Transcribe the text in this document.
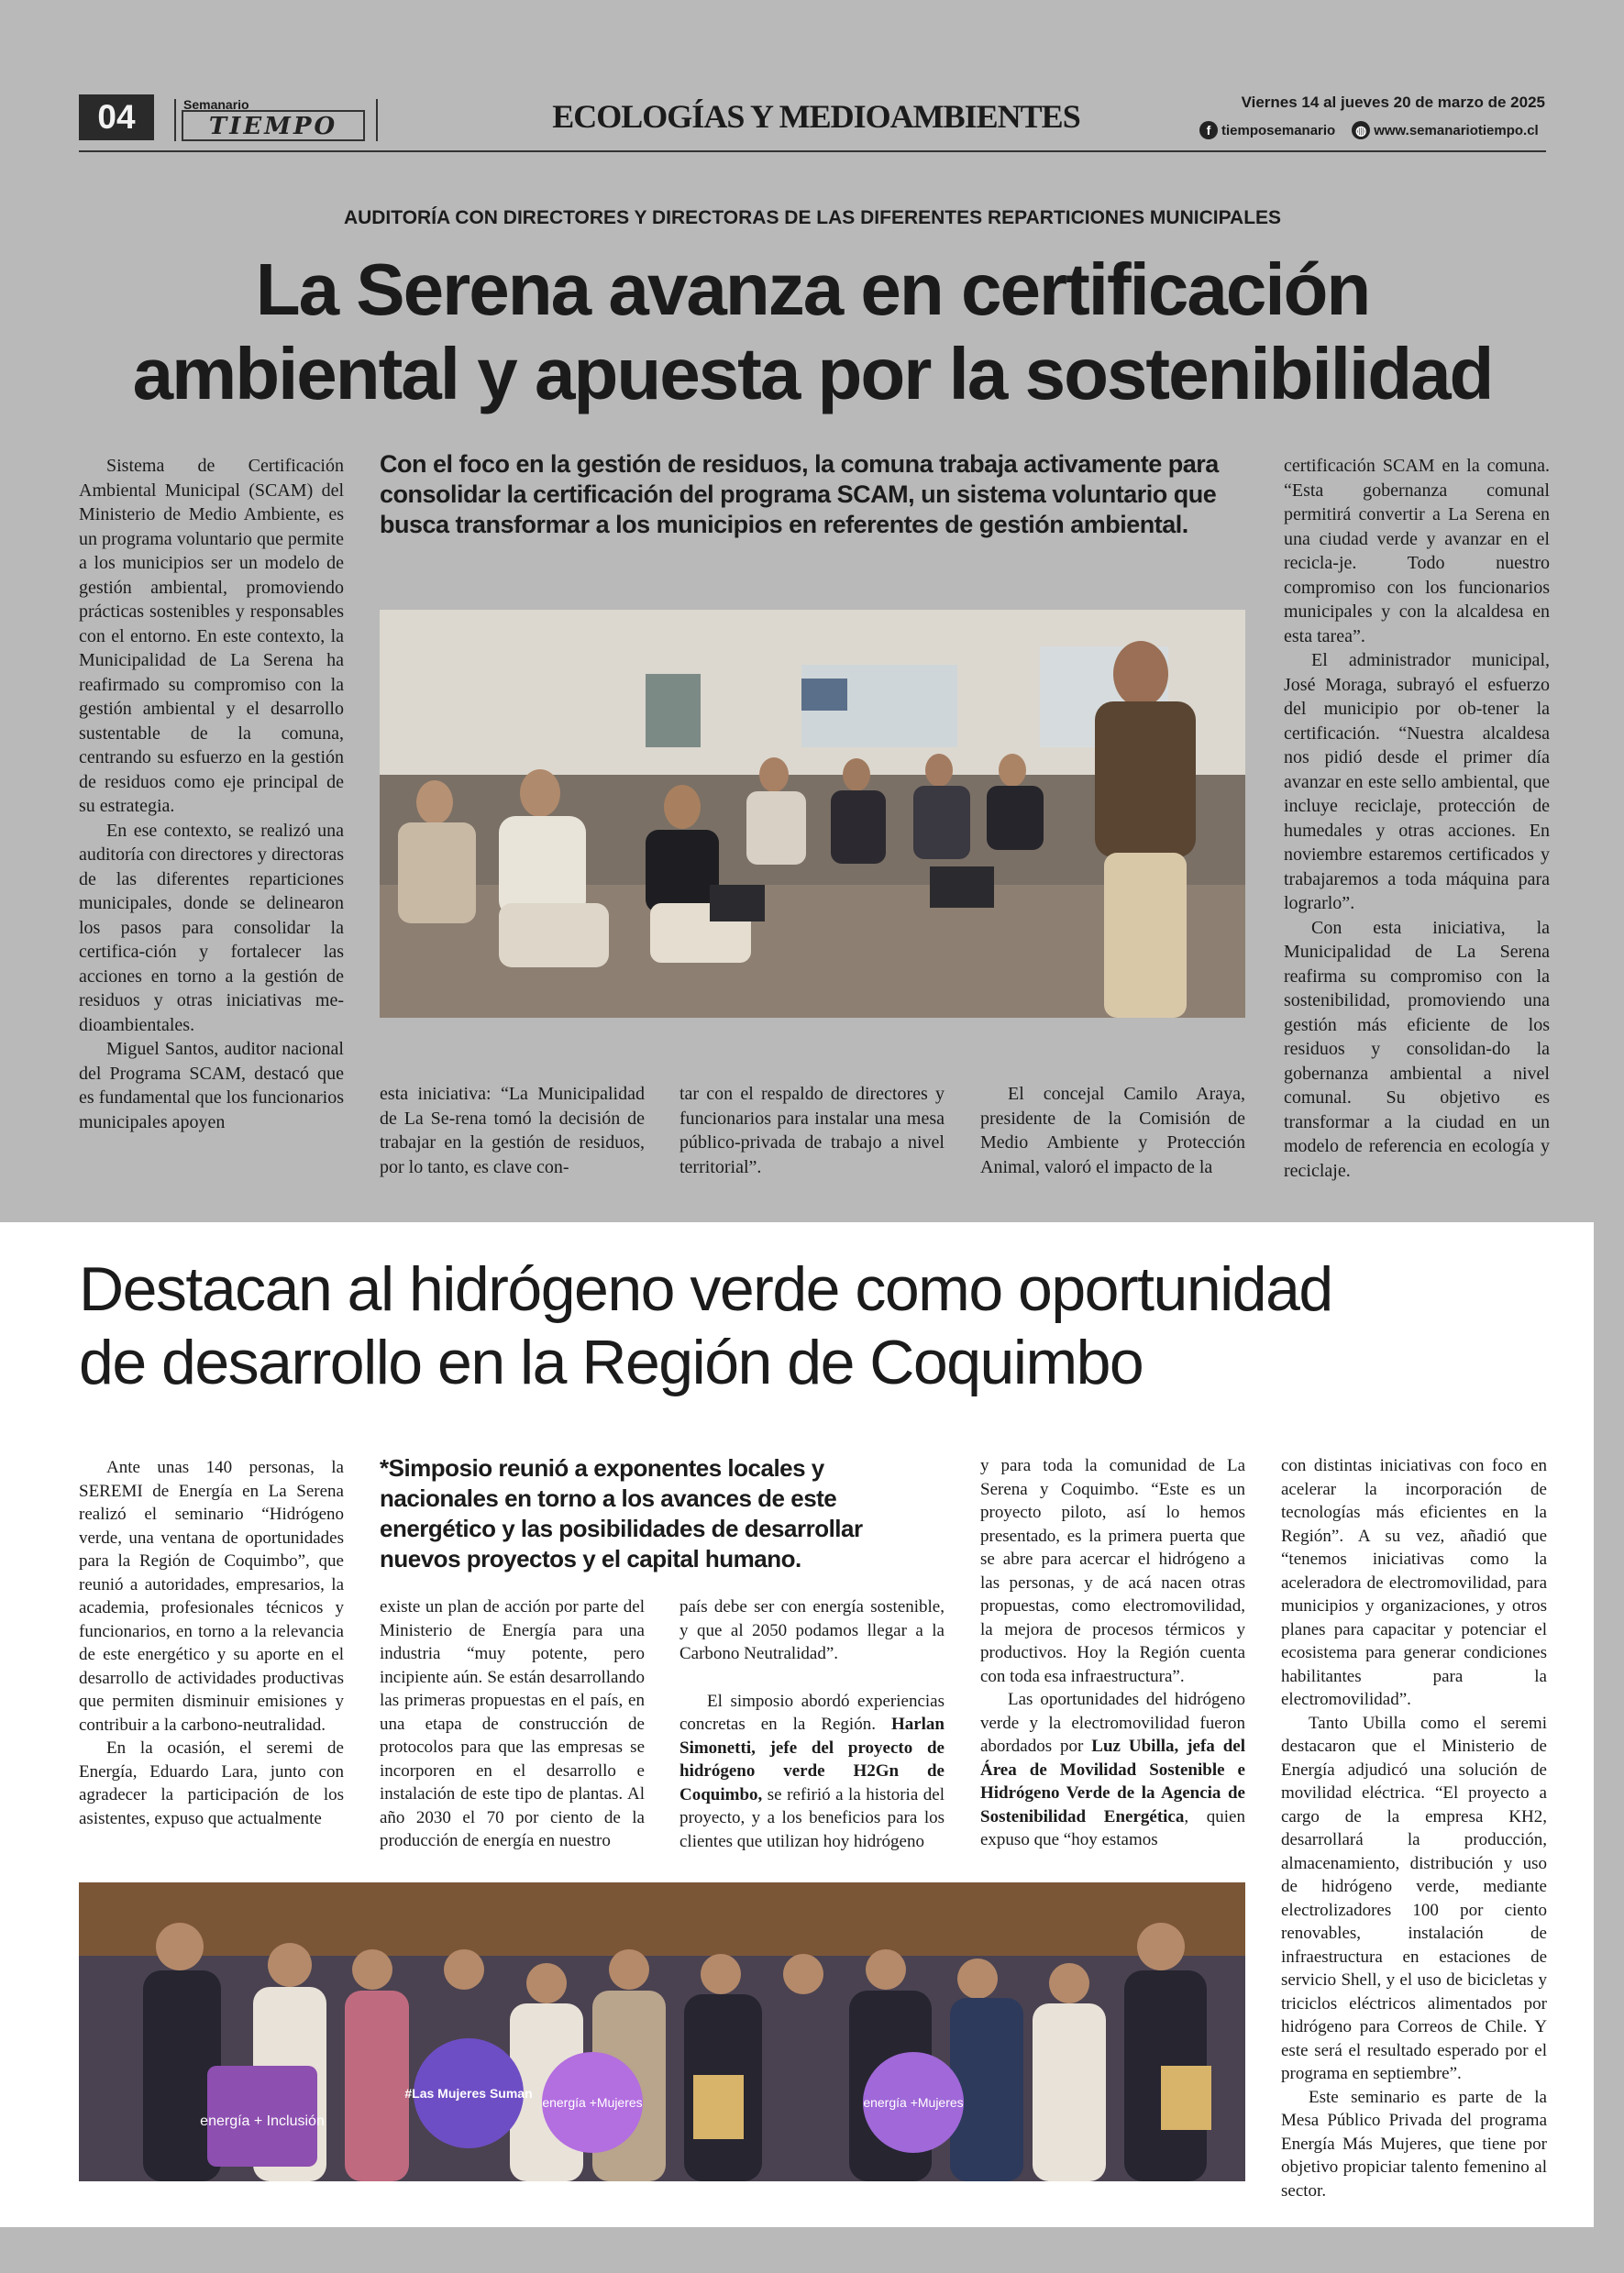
04	Semanario
TIEMPO	ECOLOGÍAS Y MEDIOAMBIENTES	Viernes 14 al jueves 20 de marzo de 2025
f tiemposemanario ◍ www.semanariotiempo.cl
AUDITORÍA CON DIRECTORES Y DIRECTORAS DE LAS DIFERENTES REPARTICIONES MUNICIPALES
La Serena avanza en certificación
ambiental y apuesta por la sostenibilidad

Sistema de Certificación Ambiental Municipal (SCAM) del Ministerio de Medio Ambiente, es un programa voluntario que permite a los municipios ser un modelo de gestión ambiental, promoviendo prácticas sostenibles y responsables con el entorno. En este contexto, la Municipalidad de La Serena ha reafirmado su compromiso con la gestión ambiental y el desarrollo sustentable de la comuna, centrando su esfuerzo en la gestión de residuos como eje principal de su estrategia.

En ese contexto, se realizó una auditoría con directores y directoras de las diferentes reparticiones municipales, donde se delinearon los pasos para consolidar la certifica-ción y fortalecer las acciones en torno a la gestión de residuos y otras iniciativas me-dioambientales.

Miguel Santos, auditor nacional del Programa SCAM, destacó que es fundamental que los funcionarios municipales apoyen

Con el foco en la gestión de residuos, la comuna trabaja activamente para consolidar la certificación del programa SCAM, un sistema voluntario que busca transformar a los municipios en referentes de gestión ambiental.

esta iniciativa: “La Municipalidad de La Se-rena tomó la decisión de trabajar en la gestión de residuos, por lo tanto, es clave con-

tar con el respaldo de directores y funcionarios para instalar una mesa público-privada de trabajo a nivel territorial”.

El concejal Camilo Araya, presidente de la Comisión de Medio Ambiente y Protección Animal, valoró el impacto de la

certificación SCAM en la comuna. “Esta gobernanza comunal permitirá convertir a La Serena en una ciudad verde y avanzar en el recicla-je. Todo nuestro compromiso con los funcionarios municipales y con la alcaldesa en esta tarea”.

El administrador municipal, José Moraga, subrayó el esfuerzo del municipio por ob-tener la certificación. “Nuestra alcaldesa nos pidió desde el primer día avanzar en este sello ambiental, que incluye reciclaje, protección de humedales y otras acciones. En noviembre estaremos certificados y trabajaremos a toda máquina para lograrlo”.

Con esta iniciativa, la Municipalidad de La Serena reafirma su compromiso con la sostenibilidad, promoviendo una gestión más eficiente de los residuos y consolidan-do la gobernanza ambiental a nivel comunal. Su objetivo es transformar a la ciudad en un modelo de referencia en ecología y reciclaje.

Destacan al hidrógeno verde como oportunidad
de desarrollo en la Región de Coquimbo

Ante unas 140 personas, la SEREMI de Energía en La Serena realizó el seminario “Hidrógeno verde, una ventana de oportunidades para la Región de Coquimbo”, que reunió a autoridades, empresarios, la academia, profesionales técnicos y funcionarios, en torno a la relevancia de este energético y su aporte en el desarrollo de actividades productivas que permiten disminuir emisiones y contribuir a la carbono-neutralidad.

En la ocasión, el seremi de Energía, Eduardo Lara, junto con agradecer la participación de los asistentes, expuso que actualmente

*Simposio reunió a exponentes locales y nacionales en torno a los avances de este energético y las posibilidades de desarrollar nuevos proyectos y el capital humano.

existe un plan de acción por parte del Ministerio de Energía para una industria “muy potente, pero incipiente aún. Se están desarrollando las primeras propuestas en el país, en una etapa de construcción de protocolos para que las empresas se incorporen en el desarrollo e instalación de este tipo de plantas. Al año 2030 el 70 por ciento de la producción de energía en nuestro

país debe ser con energía sostenible, y que al 2050 podamos llegar a la Carbono Neutralidad”.

El simposio abordó experiencias concretas en la Región. Harlan Simonetti, jefe del proyecto de hidrógeno verde H2Gn de Coquimbo, se refirió a la historia del proyecto, y a los beneficios para los clientes que utilizan hoy hidrógeno

y para toda la comunidad de La Serena y Coquimbo. “Este es un proyecto piloto, así lo hemos presentado, es la primera puerta que se abre para acercar el hidrógeno a las personas, y de acá nacen otras propuestas, como electromovilidad, la mejora de procesos térmicos y productivos. Hoy la Región cuenta con toda esa infraestructura”.

Las oportunidades del hidrógeno verde y la electromovilidad fueron abordados por Luz Ubilla, jefa del Área de Movilidad Sostenible e Hidrógeno Verde de la Agencia de Sostenibilidad Energética, quien expuso que “hoy estamos

con distintas iniciativas con foco en acelerar la incorporación de tecnologías más eficientes en la Región”. A su vez, añadió que “tenemos iniciativas como la aceleradora de electromovilidad, para municipios y organizaciones, y otros planes para capacitar y potenciar el ecosistema para generar condiciones habilitantes para la electromovilidad”.

Tanto Ubilla como el seremi destacaron que el Ministerio de Energía adjudicó una solución de movilidad eléctrica. “El proyecto a cargo de la empresa KH2, desarrollará la producción, almacenamiento, distribución y uso de hidrógeno verde, mediante electrolizadores 100 por ciento renovables, instalación de infraestructura en estaciones de servicio Shell, y el uso de bicicletas y triciclos eléctricos alimentados por hidrógeno para Correos de Chile. Y este será el resultado esperado por el programa en septiembre”.

Este seminario es parte de la Mesa Público Privada del programa Energía Más Mujeres, que tiene por objetivo propiciar talento femenino al sector.

energía + Inclusión
#Las Mujeres Suman
energía +Mujeres	energía +Mujeres
